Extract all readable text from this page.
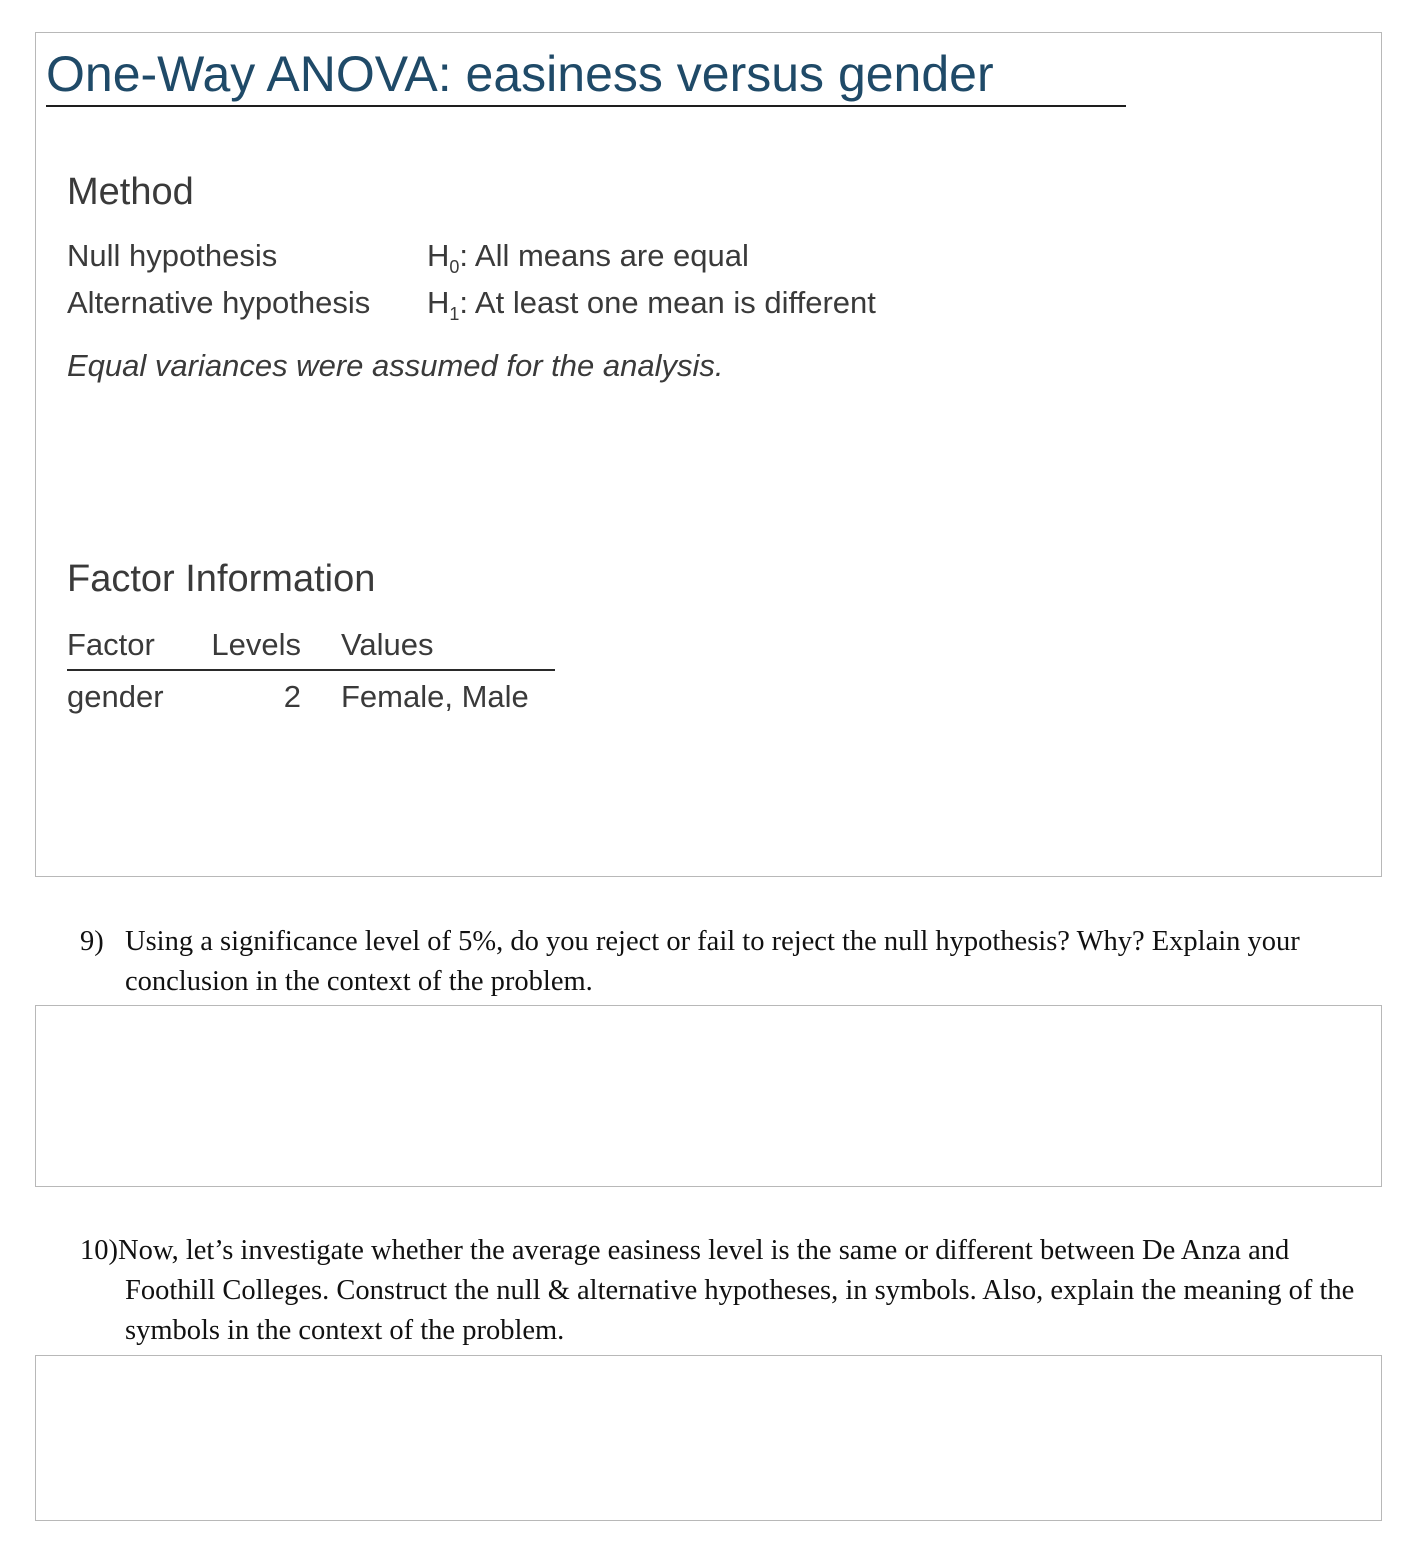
One-Way ANOVA: easiness versus gender
Method
Null hypothesis	$H_0$: All means are equal
Alternative hypothesis $H_1$: At least one mean is different
Equal variances were assumed for the analysis.
Factor Information
Factor	Levels	Values
gender	2	Female, Male
9) Using a significance level of 5%, do you reject or fail to reject the null hypothesis? Why? Explain your conclusion in the context of the problem.
10)Now, let’s investigate whether the average easiness level is the same or different between De Anza and Foothill Colleges. Construct the null & alternative hypotheses, in symbols. Also, explain the meaning of the symbols in the context of the problem.
